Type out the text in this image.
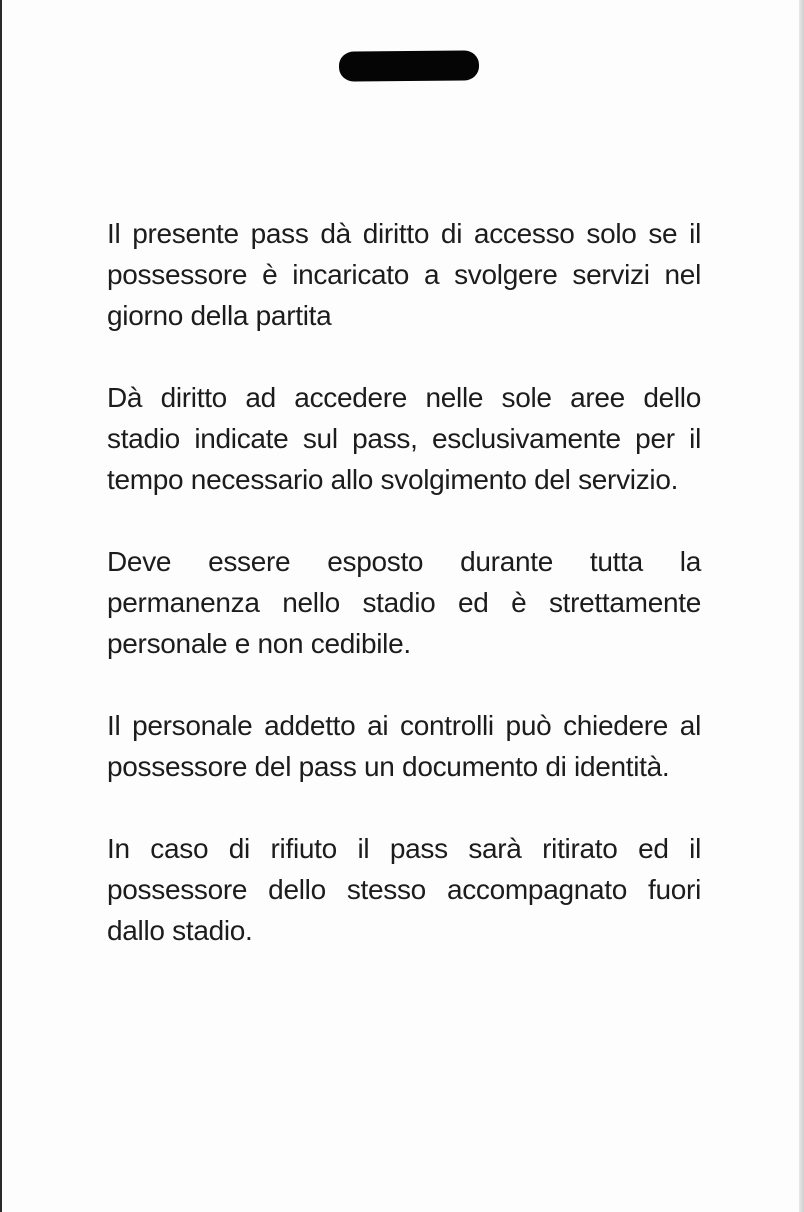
Il presente pass dà diritto di accesso solo se il possessore è incaricato a svolgere servizi nel giorno della partita

Dà diritto ad accedere nelle sole aree dello stadio indicate sul pass, esclusivamente per il tempo necessario allo svolgimento del servizio.

Deve essere esposto durante tutta la permanenza nello stadio ed è strettamente personale e non cedibile.

Il personale addetto ai controlli può chiedere al possessore del pass un documento di identità.

In caso di rifiuto il pass sarà ritirato ed il possessore dello stesso accompagnato fuori dallo stadio.
